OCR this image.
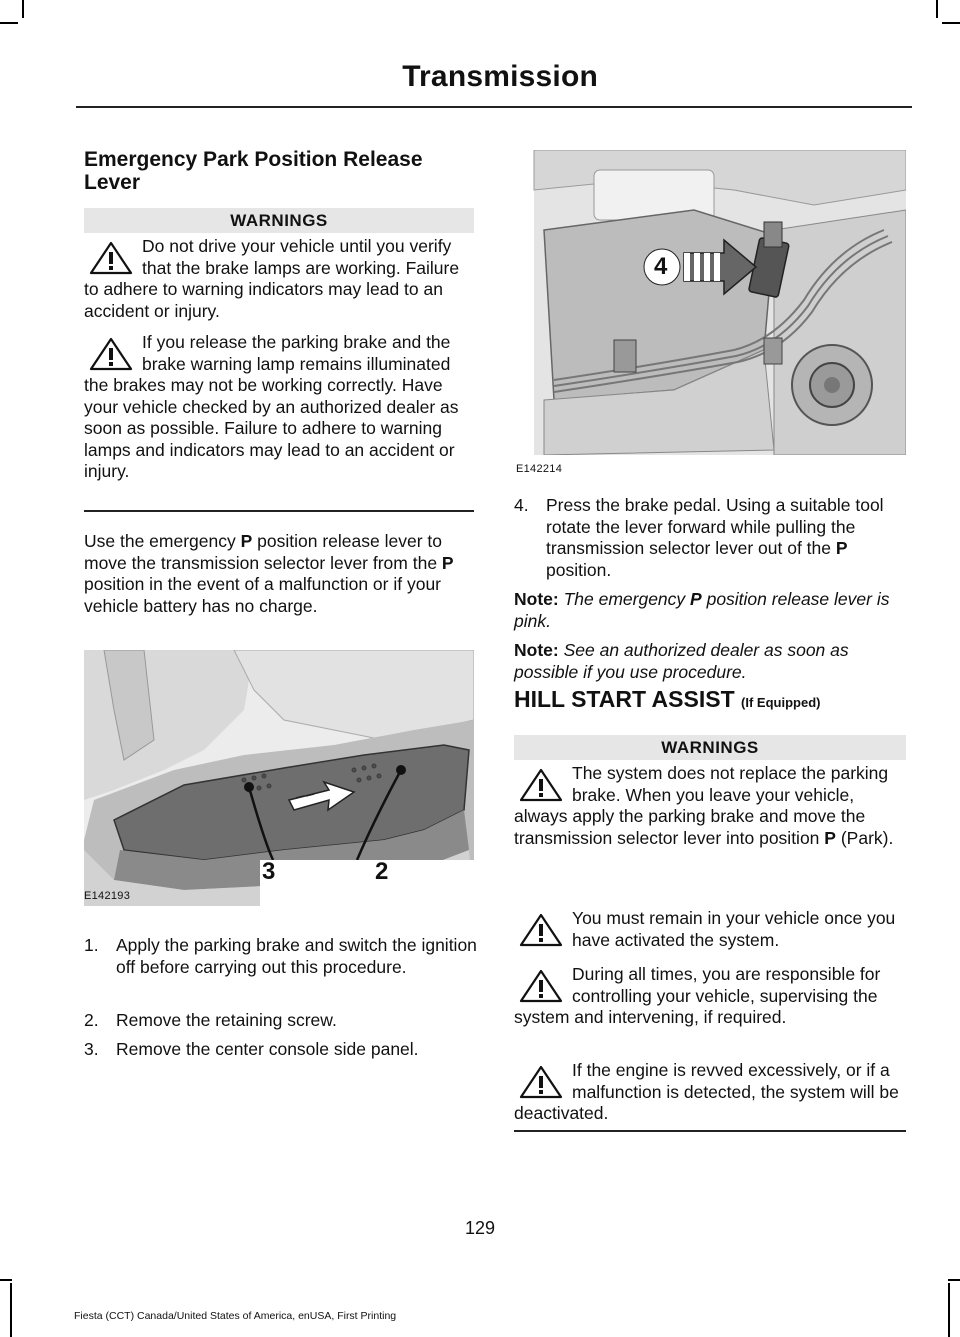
Transmission
Emergency Park Position Release Lever
WARNINGS
Do not drive your vehicle until you verify that the brake lamps are working. Failure to adhere to warning indicators may lead to an accident or injury.
If you release the parking brake and the brake warning lamp remains illuminated the brakes may not be working correctly. Have your vehicle checked by an authorized dealer as soon as possible. Failure to adhere to warning lamps and indicators may lead to an accident or injury.

Use the emergency P position release lever to move the transmission selector lever from the P position in the event of a malfunction or if your vehicle battery has no charge.

3	2
E142193
1. Apply the parking brake and switch the ignition off before carrying out this procedure.
2. Remove the retaining screw.
3. Remove the center console side panel.
4
E142214
4. Press the brake pedal. Using a suitable tool rotate the lever forward while pulling the transmission selector lever out of the P position.
Note: The emergency P position release lever is pink.
Note: See an authorized dealer as soon as possible if you use procedure.
HILL START ASSIST (If Equipped)
WARNINGS
The system does not replace the parking brake. When you leave your vehicle, always apply the parking brake and move the transmission selector lever into position P (Park).
You must remain in your vehicle once you have activated the system.
During all times, you are responsible for controlling your vehicle, supervising the system and intervening, if required.
If the engine is revved excessively, or if a malfunction is detected, the system will be deactivated.
129
Fiesta (CCT) Canada/United States of America, enUSA, First Printing
